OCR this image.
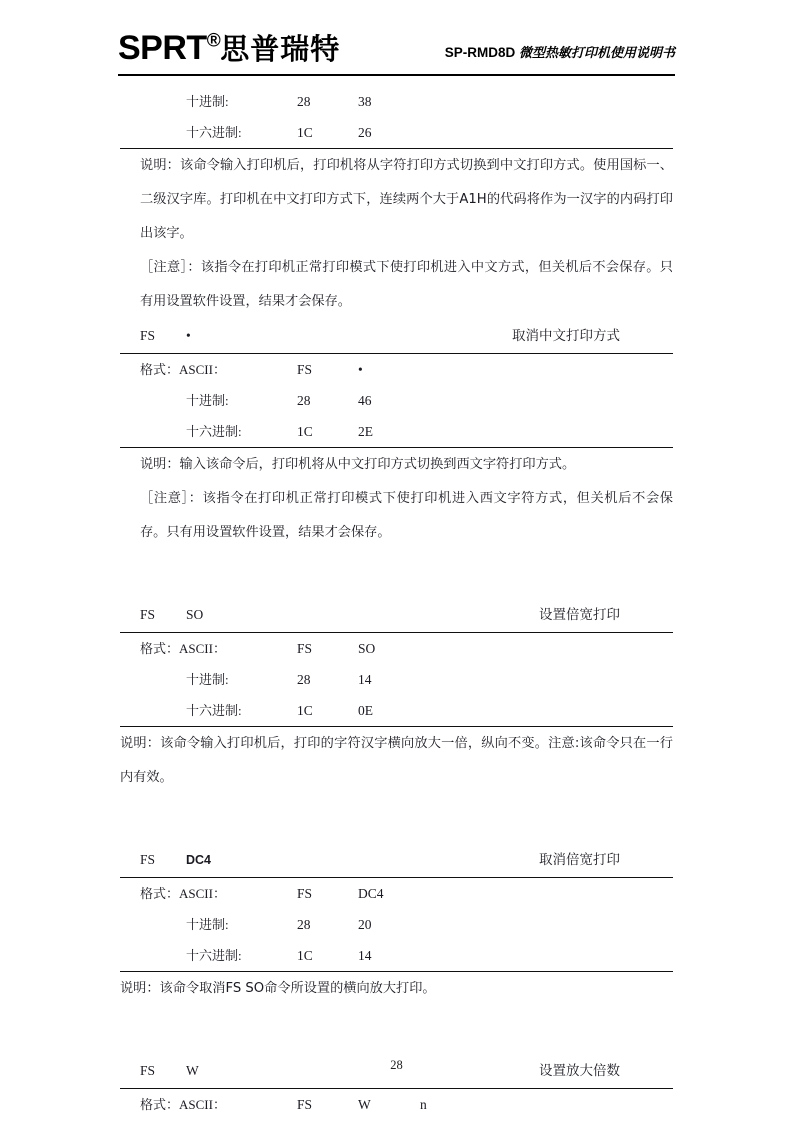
SPRT®思普瑞特	SP-RMD8D 微型热敏打印机使用说明书
十进制:	28	38
十六进制:	1C	26

说明：该命令输入打印机后，打印机将从字符打印方式切换到中文打印方式。使用国标一、二级汉字库。打印机在中文打印方式下，连续两个大于A1H的代码将作为一汉字的内码打印出该字。

［注意］：该指令在打印机正常打印模式下使打印机进入中文方式，但关机后不会保存。只有用设置软件设置，结果才会保存。

FS •	取消中文打印方式
格式：ASCII：	FS	•
十进制:	28	46
十六进制:	1C	2E

说明：输入该命令后，打印机将从中文打印方式切换到西文字符打印方式。

［注意］：该指令在打印机正常打印模式下使打印机进入西文字符方式，但关机后不会保存。只有用设置软件设置，结果才会保存。

FS SO	设置倍宽打印
格式：ASCII：	FS	SO
十进制:	28	14
十六进制:	1C	0E

说明：该命令输入打印机后，打印的字符汉字横向放大一倍，纵向不变。注意:该命令只在一行内有效。

FS DC4	取消倍宽打印
格式：ASCII：	FS	DC4
十进制:	28	20
十六进制:	1C	14

说明：该命令取消FS SO命令所设置的横向放大打印。

FS W	设置放大倍数
格式：ASCII：	FS	W	n
28
